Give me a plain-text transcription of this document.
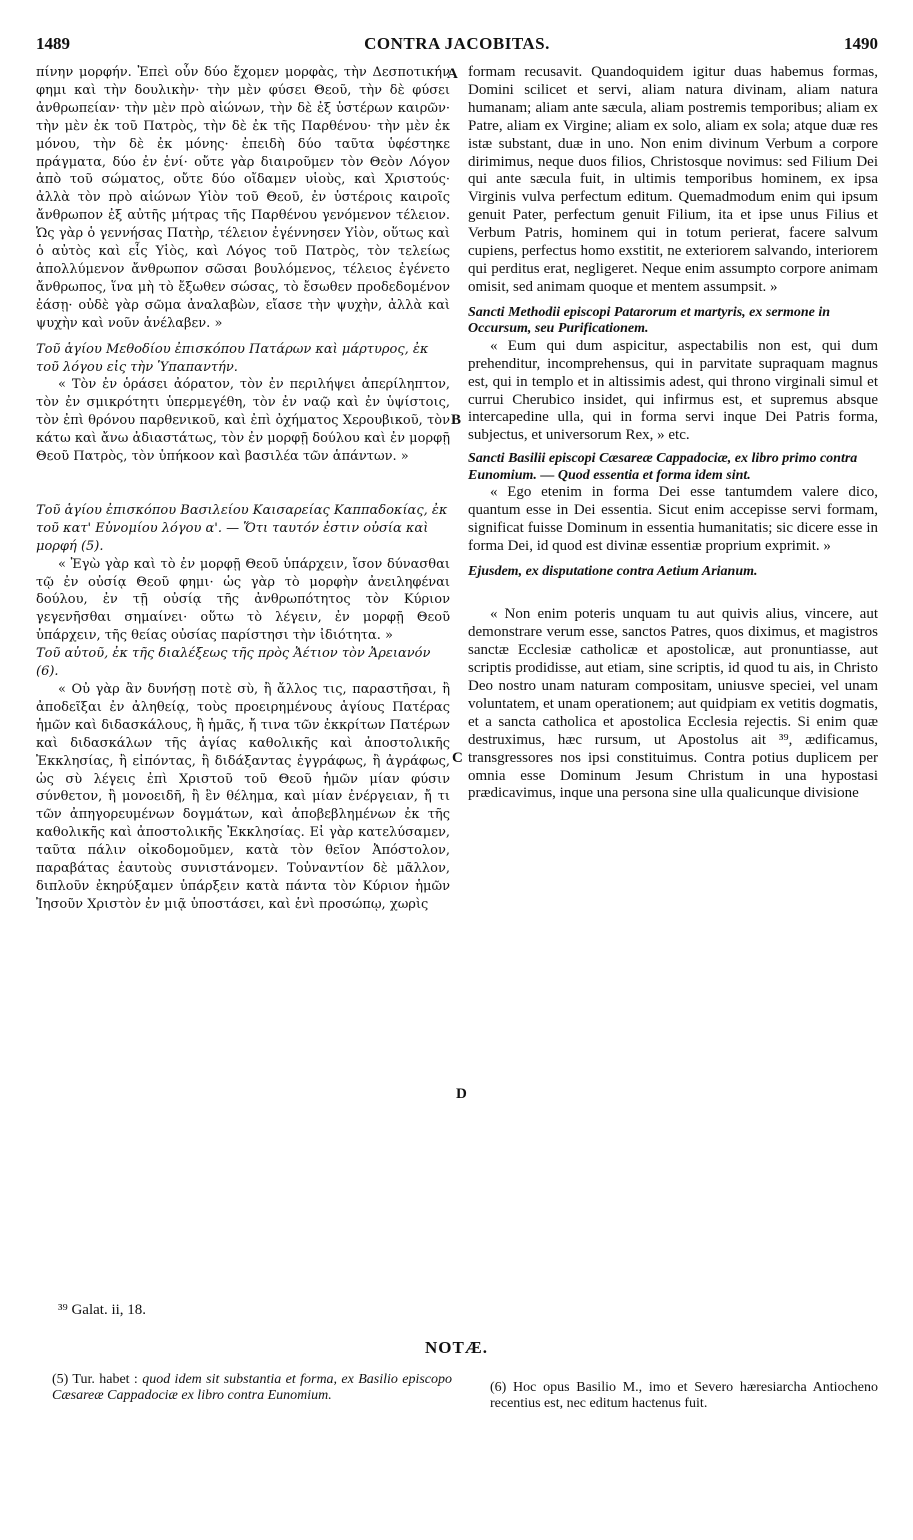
1489	CONTRA JACOBITAS.	1490

πίνην μορφήν. Ἐπεὶ οὖν δύο ἔχομεν μορφὰς, τὴν Δεσποτικήν φημι καὶ τὴν δουλικὴν· τὴν μὲν φύσει Θεοῦ, τὴν δὲ φύσει ἀνθρωπείαν· τὴν μὲν πρὸ αἰώνων, τὴν δὲ ἐξ ὑστέρων καιρῶν· τὴν μὲν ἐκ τοῦ Πατρὸς, τὴν δὲ ἐκ τῆς Παρθένου· τὴν μὲν ἐκ μόνου, τὴν δὲ ἐκ μόνης· ἐπειδὴ δύο ταῦτα ὑφέστηκε πράγματα, δύο ἐν ἑνί· οὔτε γὰρ διαιροῦμεν τὸν Θεὸν Λόγον ἀπὸ τοῦ σώματος, οὔτε δύο οἴδαμεν υἱοὺς, καὶ Χριστούς· ἀλλὰ τὸν πρὸ αἰώνων Υἱὸν τοῦ Θεοῦ, ἐν ὑστέροις καιροῖς ἄνθρωπον ἐξ αὐτῆς μήτρας τῆς Παρθένου γενόμενον τέλειον. Ὡς γὰρ ὁ γεννήσας Πατὴρ, τέλειον ἐγέννησεν Υἱὸν, οὕτως καὶ ὁ αὐτὸς καὶ εἷς Υἱὸς, καὶ Λόγος τοῦ Πατρὸς, τὸν τελείως ἀπολλύμενον ἄνθρωπον σῶσαι βουλόμενος, τέλειος ἐγένετο ἄνθρωπος, ἵνα μὴ τὸ ἔξωθεν σώσας, τὸ ἔσωθεν προδεδομένον ἐάσῃ· οὐδὲ γὰρ σῶμα ἀναλαβὼν, εἴασε τὴν ψυχὴν, ἀλλὰ καὶ ψυχὴν καὶ νοῦν ἀνέλαβεν. »

Τοῦ ἁγίου Μεθοδίου ἐπισκόπου Πατάρων καὶ μάρτυρος, ἐκ τοῦ λόγου εἰς τὴν Ὑπαπαντήν.

« Τὸν ἐν ὁράσει ἀόρατον, τὸν ἐν περιλήψει ἀπερίληπτον, τὸν ἐν σμικρότητι ὑπερμεγέθη, τὸν ἐν ναῷ καὶ ἐν ὑψίστοις, τὸν ἐπὶ θρόνου παρθενικοῦ, καὶ ἐπὶ ὀχήματος Χερουβικοῦ, τὸν κάτω καὶ ἄνω ἀδιαστάτως, τὸν ἐν μορφῇ δούλου καὶ ἐν μορφῇ Θεοῦ Πατρὸς, τὸν ὑπήκοον καὶ βασιλέα τῶν ἁπάντων. »

Τοῦ ἁγίου ἐπισκόπου Βασιλείου Καισαρείας Καππαδοκίας, ἐκ τοῦ κατ' Εὐνομίου λόγου α'. — Ὅτι ταυτόν ἐστιν οὐσία καὶ μορφή (5).

« Ἐγὼ γὰρ καὶ τὸ ἐν μορφῇ Θεοῦ ὑπάρχειν, ἴσον δύνασθαι τῷ ἐν οὐσίᾳ Θεοῦ φημι· ὡς γὰρ τὸ μορφὴν ἀνειληφέναι δούλου, ἐν τῇ οὐσίᾳ τῆς ἀνθρωπότητος τὸν Κύριον γεγενῆσθαι σημαίνει· οὕτω τὸ λέγειν, ἐν μορφῇ Θεοῦ ὑπάρχειν, τῆς θείας οὐσίας παρίστησι τὴν ἰδιότητα. »

Τοῦ αὐτοῦ, ἐκ τῆς διαλέξεως τῆς πρὸς Ἀέτιον τὸν Ἀρειανόν (6).

« Οὐ γὰρ ἂν δυνήσῃ ποτὲ σὺ, ἢ ἄλλος τις, παραστῆσαι, ἢ ἀποδεῖξαι ἐν ἀληθείᾳ, τοὺς προειρημένους ἁγίους Πατέρας ἡμῶν καὶ διδασκάλους, ἢ ἡμᾶς, ἤ τινα τῶν ἐκκρίτων Πατέρων καὶ διδασκάλων τῆς ἁγίας καθολικῆς καὶ ἀποστολικῆς Ἐκκλησίας, ἢ εἰπόντας, ἢ διδάξαντας ἐγγράφως, ἢ ἀγράφως, ὡς σὺ λέγεις ἐπὶ Χριστοῦ τοῦ Θεοῦ ἡμῶν μίαν φύσιν σύνθετον, ἢ μονοειδῆ, ἢ ἓν θέλημα, καὶ μίαν ἐνέργειαν, ἤ τι τῶν ἀπηγορευμένων δογμάτων, καὶ ἀποβεβλημένων ἐκ τῆς καθολικῆς καὶ ἀποστολικῆς Ἐκκλησίας. Εἰ γὰρ κατελύσαμεν, ταῦτα πάλιν οἰκοδομοῦμεν, κατὰ τὸν θεῖον Ἀπόστολον, παραβάτας ἑαυτοὺς συνιστάνομεν. Τοὐναντίον δὲ μᾶλλον, διπλοῦν ἐκηρύξαμεν ὑπάρξειν κατὰ πάντα τὸν Κύριον ἡμῶν Ἰησοῦν Χριστὸν ἐν μιᾷ ὑποστάσει, καὶ ἑνὶ προσώπῳ, χωρὶς

A
B
C
D

formam recusavit. Quandoquidem igitur duas habemus formas, Domini scilicet et servi, aliam natura divinam, aliam natura humanam; aliam ante sæcula, aliam postremis temporibus; aliam ex Patre, aliam ex Virgine; aliam ex solo, aliam ex sola; atque duæ res istæ substant, duæ in uno. Non enim divinum Verbum a corpore dirimimus, neque duos filios, Christosque novimus: sed Filium Dei qui ante sæcula fuit, in ultimis temporibus hominem, ex ipsa Virginis vulva perfectum editum. Quemadmodum enim qui ipsum genuit Pater, perfectum genuit Filium, ita et ipse unus Filius et Verbum Patris, hominem qui in totum perierat, facere salvum cupiens, perfectus homo exstitit, ne exteriorem salvando, interiorem qui perditus erat, negligeret. Neque enim assumpto corpore animam omisit, sed animam quoque et mentem assumpsit. »

Sancti Methodii episcopi Patarorum et martyris, ex sermone in Occursum, seu Purificationem.

« Eum qui dum aspicitur, aspectabilis non est, qui dum prehenditur, incomprehensus, qui in parvitate supraquam magnus est, qui in templo et in altissimis adest, qui throno virginali simul et currui Cherubico insidet, qui infirmus est, et supremus absque intercapedine ulla, qui in forma servi inque Dei Patris forma, subjectus, et universorum Rex, » etc.

Sancti Basilii episcopi Cæsareæ Cappadociæ, ex libro primo contra Eunomium. — Quod essentia et forma idem sint.

« Ego etenim in forma Dei esse tantumdem valere dico, quantum esse in Dei essentia. Sicut enim accepisse servi formam, significat fuisse Dominum in essentia humanitatis; sic dicere esse in forma Dei, id quod est divinæ essentiæ proprium exprimit. »

Ejusdem, ex disputatione contra Aetium Arianum.

« Non enim poteris unquam tu aut quivis alius, vincere, aut demonstrare verum esse, sanctos Patres, quos diximus, et magistros sanctæ Ecclesiæ catholicæ et apostolicæ, aut pronuntiasse, aut scriptis prodidisse, aut etiam, sine scriptis, id quod tu ais, in Christo Deo nostro unam naturam compositam, uniusve speciei, vel unam voluntatem, et unam operationem; aut quidpiam ex vetitis dogmatis, et a sancta catholica et apostolica Ecclesia rejectis. Si enim quæ destruximus, hæc rursum, ut Apostolus ait ³⁹, ædificamus, transgressores nos ipsi constituimus. Contra potius duplicem per omnia esse Dominum Jesum Christum in una hypostasi prædicavimus, inque una persona sine ulla qualicunque divisione

³⁹ Galat. ii, 18.
NOTÆ.
(5) Tur. habet : quod idem sit substantia et forma, ex Basilio episcopo Cæsareæ Cappadociæ ex libro contra Eunomium.
(6) Hoc opus Basilio M., imo et Severo hæresiarcha Antiocheno recentius est, nec editum hactenus fuit.
